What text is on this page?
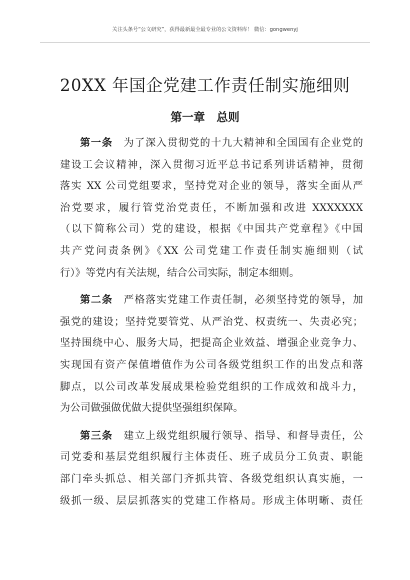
关注头条号“公文研究”，获得最新最全最专业的公文资料库！ 微信：gongwenyj
20XX 年国企党建工作责任制实施细则
第一章　总则
第一条　 为了深入贯彻党的十九大精神和全国国有企业党的
建设工会议精神，深入贯彻习近平总书记系列讲话精神，贯彻
落实 XX 公司党组要求，坚持党对企业的领导，落实全面从严
治党要求，履行管党治党责任，不断加强和改进 XXXXXXX
（以下简称公司）党的建设，根据《中国共产党章程》《中国
共产党问责条例》《XX 公司党建工作责任制实施细则（试
行）》等党内有关法规，结合公司实际，制定本细则。
第二条　 严格落实党建工作责任制，必须坚持党的领导，加
强党的建设；坚持党要管党、从严治党、权责统一、失责必究；
坚持围绕中心、服务大局，把提高企业效益、增强企业竞争力、
实现国有资产保值增值作为公司各级党组织工作的出发点和落
脚点，以公司改革发展成果检验党组织的工作成效和战斗力，
为公司做强做优做大提供坚强组织保障。
第三条　 建立上级党组织履行领导、指导、和督导责任，公
司党委和基层党组织履行主体责任、班子成员分工负责、职能
部门牵头抓总、相关部门齐抓共管、各级党组织认真实施，一
级抓一级、层层抓落实的党建工作格局。形成主体明晰、责任
